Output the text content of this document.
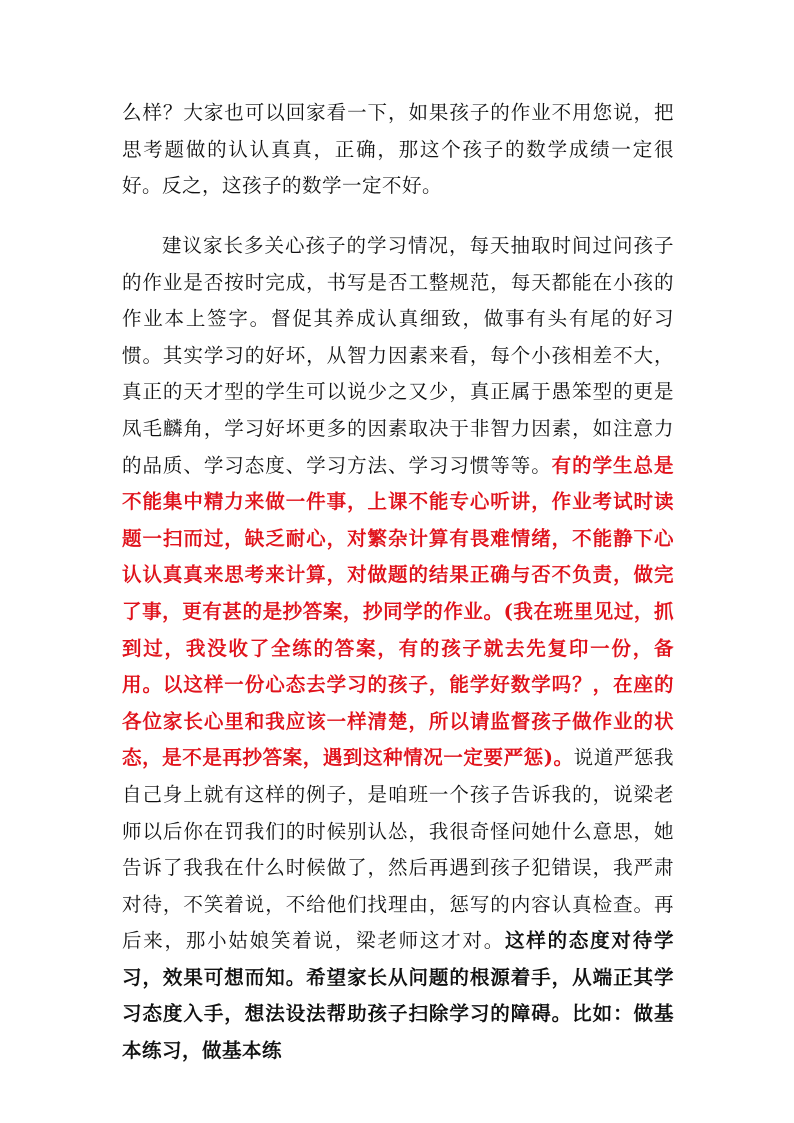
么样？大家也可以回家看一下，如果孩子的作业不用您说，把思考题做的认认真真，正确，那这个孩子的数学成绩一定很好。反之，这孩子的数学一定不好。

建议家长多关心孩子的学习情况，每天抽取时间过问孩子的作业是否按时完成，书写是否工整规范，每天都能在小孩的作业本上签字。督促其养成认真细致，做事有头有尾的好习惯。其实学习的好坏，从智力因素来看，每个小孩相差不大，真正的天才型的学生可以说少之又少，真正属于愚笨型的更是凤毛麟角，学习好坏更多的因素取决于非智力因素，如注意力的品质、学习态度、学习方法、学习习惯等等。有的学生总是不能集中精力来做一件事，上课不能专心听讲，作业考试时读题一扫而过，缺乏耐心，对繁杂计算有畏难情绪，不能静下心认认真真来思考来计算，对做题的结果正确与否不负责，做完了事，更有甚的是抄答案，抄同学的作业。(我在班里见过，抓到过，我没收了全练的答案，有的孩子就去先复印一份，备用。以这样一份心态去学习的孩子，能学好数学吗？，在座的各位家长心里和我应该一样清楚，所以请监督孩子做作业的状态，是不是再抄答案，遇到这种情况一定要严惩)。说道严惩我自己身上就有这样的例子，是咱班一个孩子告诉我的，说梁老师以后你在罚我们的时候别认怂，我很奇怪问她什么意思，她告诉了我我在什么时候做了，然后再遇到孩子犯错误，我严肃对待，不笑着说，不给他们找理由，惩写的内容认真检查。再后来，那小姑娘笑着说，梁老师这才对。这样的态度对待学习，效果可想而知。希望家长从问题的根源着手，从端正其学习态度入手，想法设法帮助孩子扫除学习的障碍。比如：做基本练习，做基本练
